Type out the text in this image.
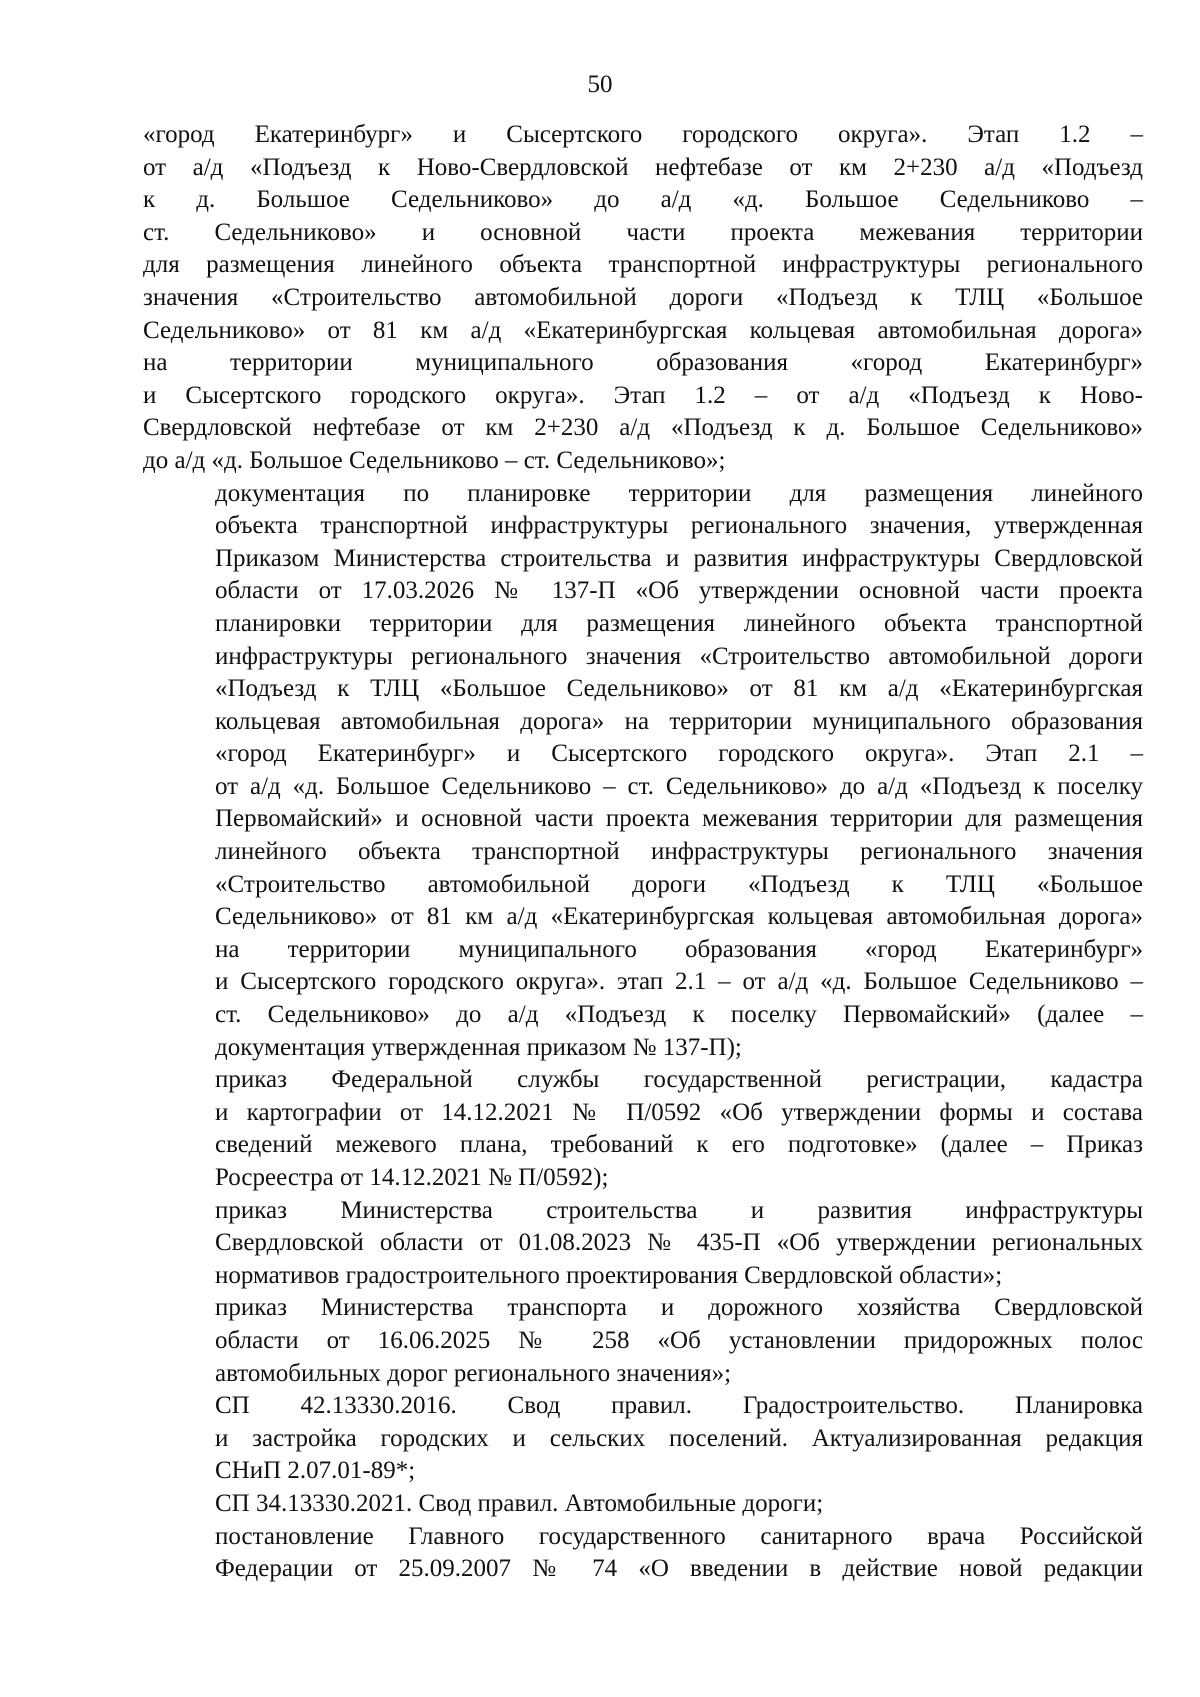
50
«город Екатеринбург» и Сысертского городского округа». Этап 1.2 –
от а/д «Подъезд к Ново-Свердловской нефтебазе от км 2+230 а/д «Подъезд
к д. Большое Седельниково» до а/д «д. Большое Седельниково –
ст. Седельниково» и основной части проекта межевания территории
для размещения линейного объекта транспортной инфраструктуры регионального
значения «Строительство автомобильной дороги «Подъезд к ТЛЦ «Большое
Седельниково» от 81 км а/д «Екатеринбургская кольцевая автомобильная дорога»
на территории муниципального образования «город Екатеринбург»
и Сысертского городского округа». Этап 1.2 – от а/д «Подъезд к Ново-
Свердловской нефтебазе от км 2+230 а/д «Подъезд к д. Большое Седельниково»
до а/д «д. Большое Седельниково – ст. Седельниково»;
документация по планировке территории для размещения линейного
объекта транспортной инфраструктуры регионального значения, утвержденная
Приказом Министерства строительства и развития инфраструктуры Свердловской
области от 17.03.2026 № 137-П «Об утверждении основной части проекта
планировки территории для размещения линейного объекта транспортной
инфраструктуры регионального значения «Строительство автомобильной дороги
«Подъезд к ТЛЦ «Большое Седельниково» от 81 км а/д «Екатеринбургская
кольцевая автомобильная дорога» на территории муниципального образования
«город Екатеринбург» и Сысертского городского округа». Этап 2.1 –
от а/д «д. Большое Седельниково – ст. Седельниково» до а/д «Подъезд к поселку
Первомайский» и основной части проекта межевания территории для размещения
линейного объекта транспортной инфраструктуры регионального значения
«Строительство автомобильной дороги «Подъезд к ТЛЦ «Большое
Седельниково» от 81 км а/д «Екатеринбургская кольцевая автомобильная дорога»
на территории муниципального образования «город Екатеринбург»
и Сысертского городского округа». этап 2.1 – от а/д «д. Большое Седельниково –
ст. Седельниково» до а/д «Подъезд к поселку Первомайский» (далее –
документация утвержденная приказом № 137-П);
приказ Федеральной службы государственной регистрации, кадастра
и картографии от 14.12.2021 № П/0592 «Об утверждении формы и состава
сведений межевого плана, требований к его подготовке» (далее – Приказ
Росреестра от 14.12.2021 № П/0592);
приказ Министерства строительства и развития инфраструктуры
Свердловской области от 01.08.2023 № 435-П «Об утверждении региональных
нормативов градостроительного проектирования Свердловской области»;
приказ Министерства транспорта и дорожного хозяйства Свердловской
области от 16.06.2025 № 258 «Об установлении придорожных полос
автомобильных дорог регионального значения»;
СП 42.13330.2016. Свод правил. Градостроительство. Планировка
и застройка городских и сельских поселений. Актуализированная редакция
СНиП 2.07.01-89*;
СП 34.13330.2021. Свод правил. Автомобильные дороги;
постановление Главного государственного санитарного врача Российской
Федерации от 25.09.2007 № 74 «О введении в действие новой редакции
